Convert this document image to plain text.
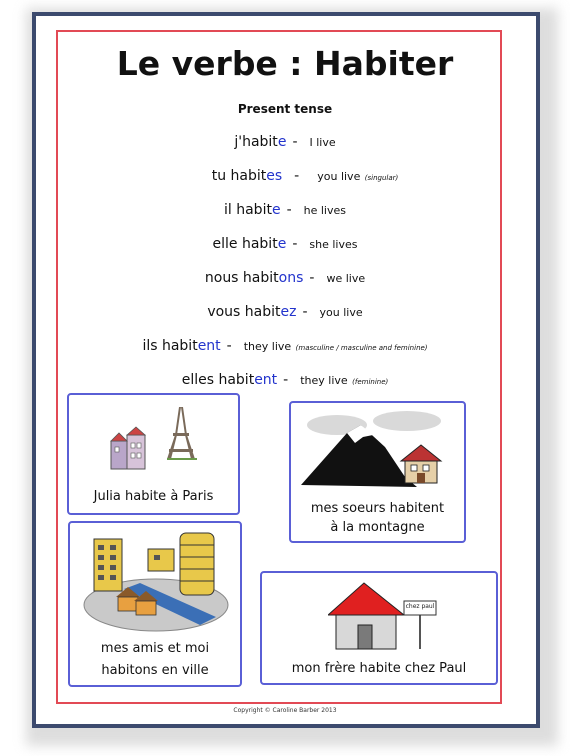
Le verbe : Habiter
Present tense
j'habite - I live
tu habites - you live (singular)
il habite - he lives
elle habite - she lives
nous habitons - we live
vous habitez - you live
ils habitent - they live (masculine / masculine and feminine)
elles habitent - they live (feminine)
Julia habite à Paris
mes soeurs habitent
à la montagne
mes amis et moi
habitons en ville
chez paul
mon frère habite chez Paul
Copyright © Caroline Barber 2013
